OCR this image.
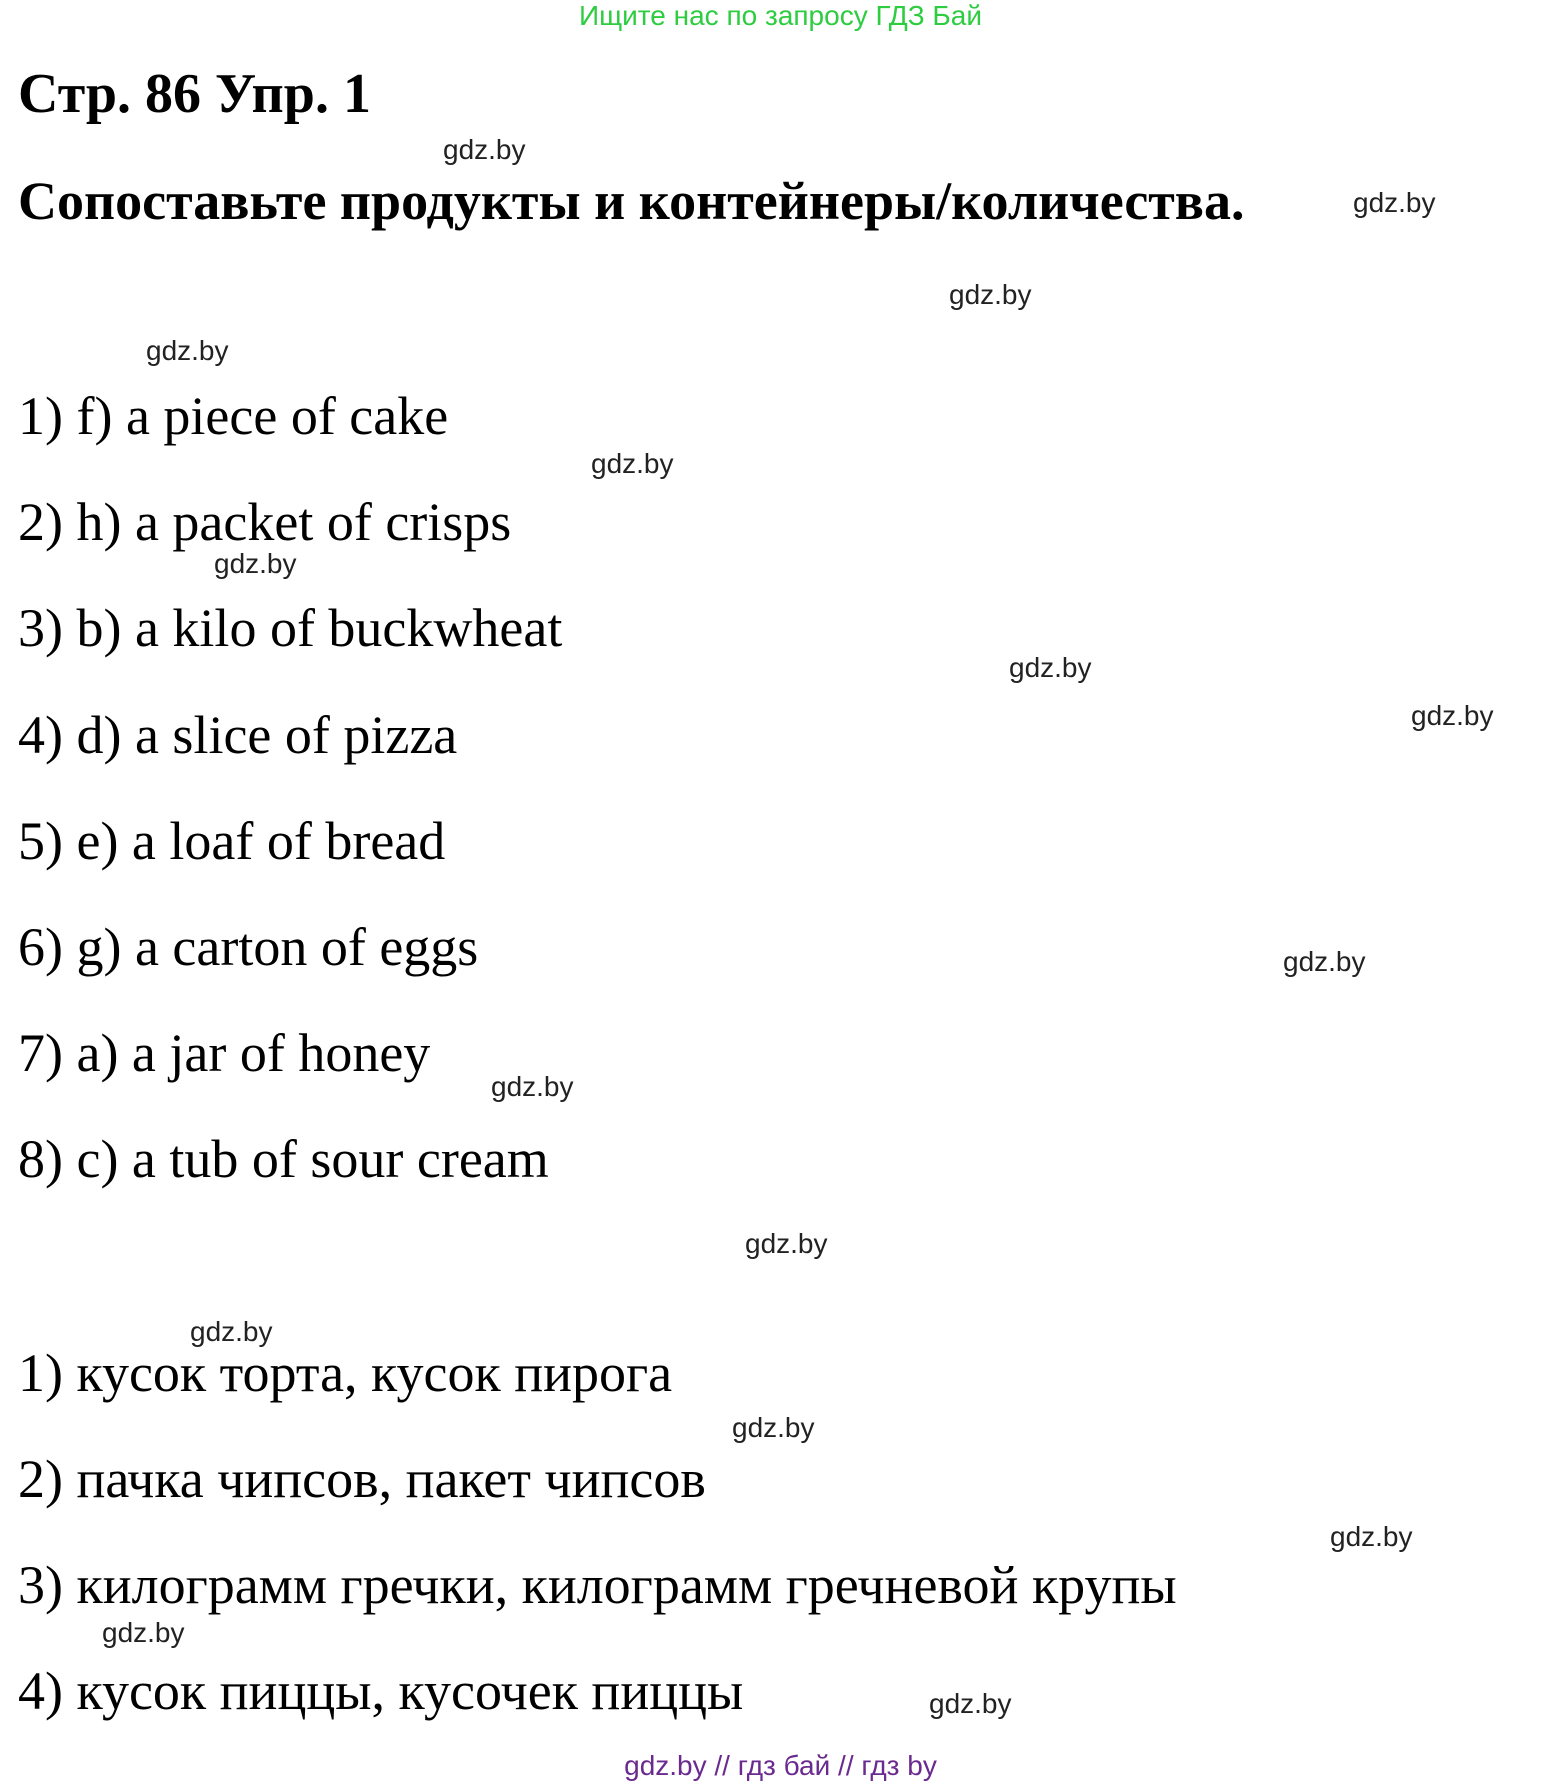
Ищите нас по запросу ГДЗ Бай
Стр. 86 Упр. 1
Сопоставьте продукты и контейнеры/количества.
1) f) a piece of cake
2) h) a packet of crisps
3) b) a kilo of buckwheat
4) d) a slice of pizza
5) e) a loaf of bread
6) g) a carton of eggs
7) a) a jar of honey
8) c) a tub of sour cream
1) кусок торта, кусок пирога
2) пачка чипсов, пакет чипсов
3) килограмм гречки, килограмм гречневой крупы
4) кусок пиццы, кусочек пиццы
gdz.by
gdz.by
gdz.by
gdz.by
gdz.by
gdz.by
gdz.by
gdz.by
gdz.by
gdz.by
gdz.by
gdz.by
gdz.by
gdz.by
gdz.by
gdz.by
gdz.by // гдз бай // гдз by
